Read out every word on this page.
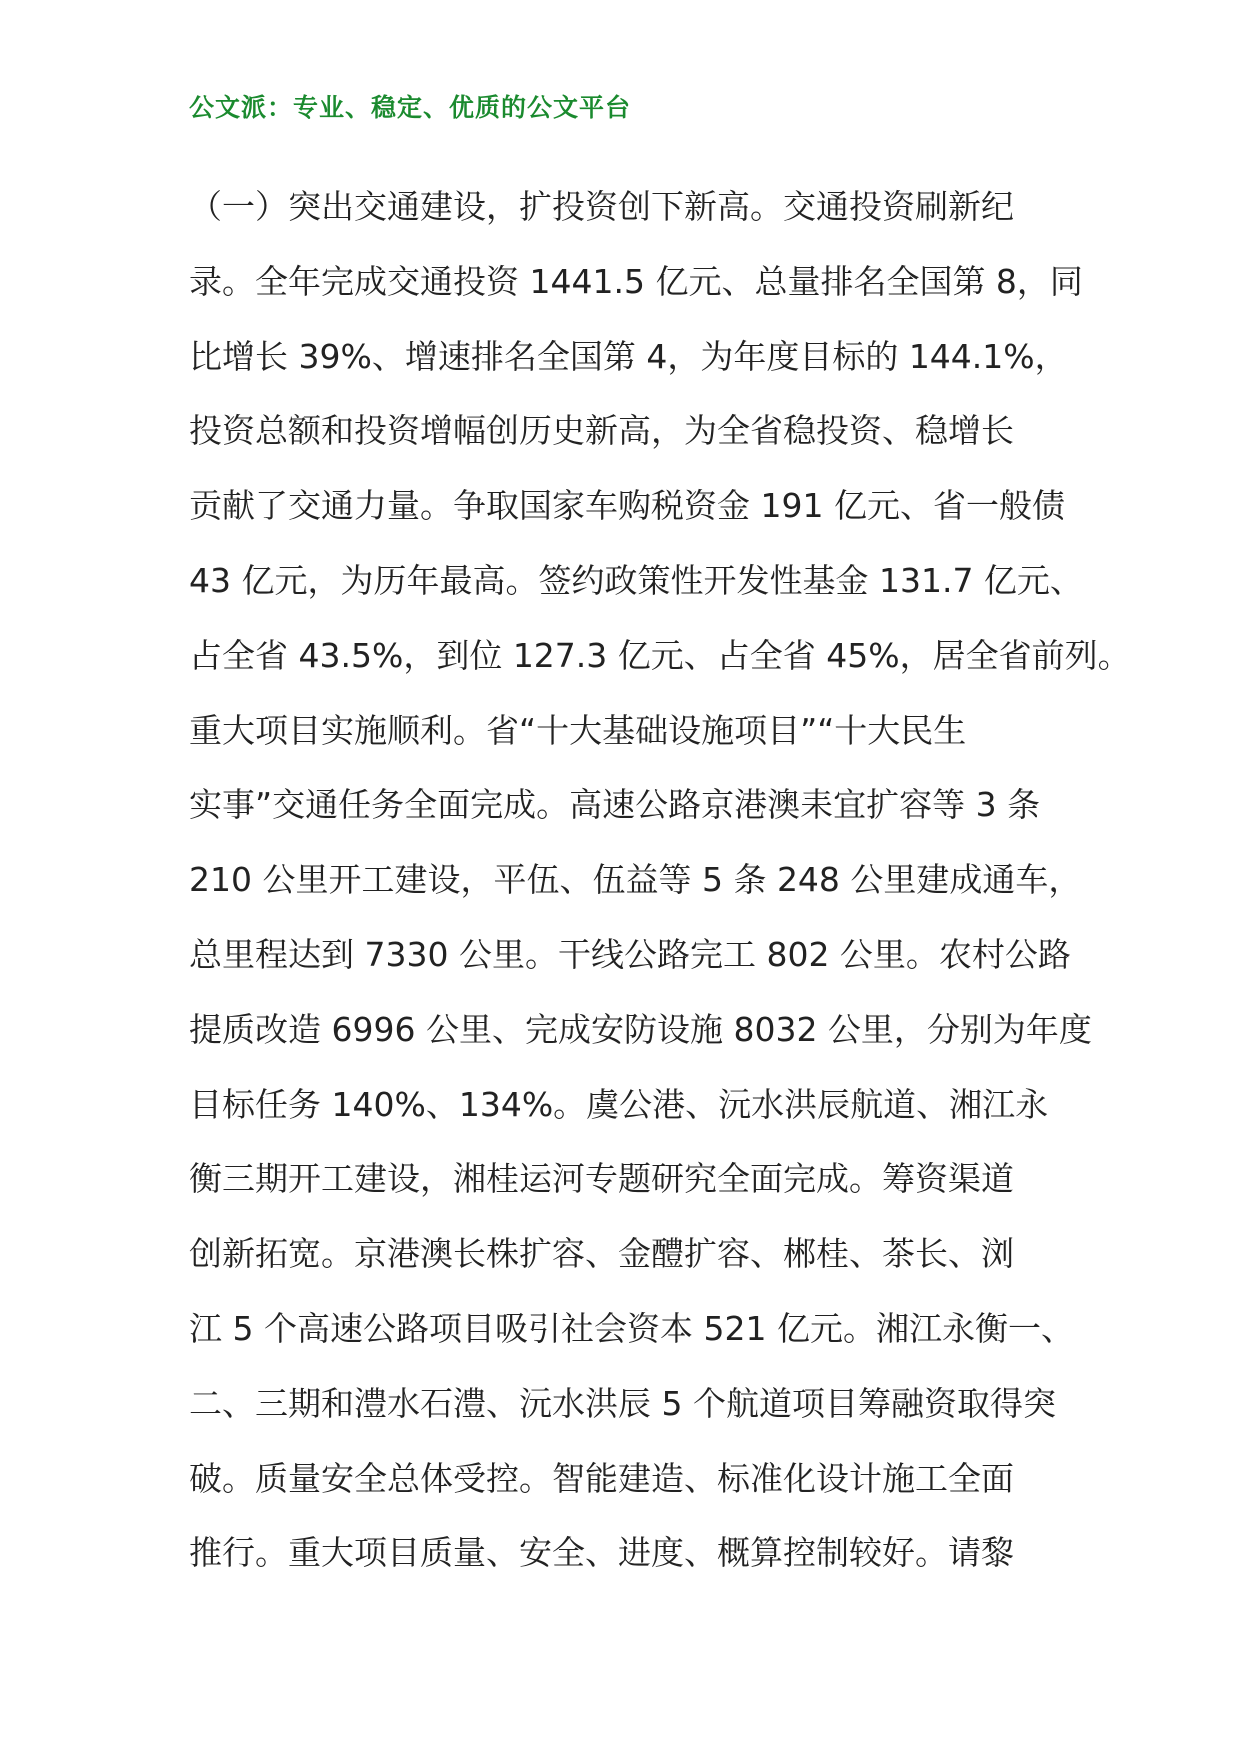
公文派：专业、稳定、优质的公文平台
（一）突出交通建设，扩投资创下新高。交通投资刷新纪
录。全年完成交通投资 1441.5 亿元、总量排名全国第 8，同
比增长 39%、增速排名全国第 4，为年度目标的 144.1%，
投资总额和投资增幅创历史新高，为全省稳投资、稳增长
贡献了交通力量。争取国家车购税资金 191 亿元、省一般债
43 亿元，为历年最高。签约政策性开发性基金 131.7 亿元、
占全省 43.5%，到位 127.3 亿元、占全省 45%，居全省前列。
重大项目实施顺利。省“十大基础设施项目”“十大民生
实事”交通任务全面完成。高速公路京港澳耒宜扩容等 3 条
210 公里开工建设，平伍、伍益等 5 条 248 公里建成通车，
总里程达到 7330 公里。干线公路完工 802 公里。农村公路
提质改造 6996 公里、完成安防设施 8032 公里，分别为年度
目标任务 140%、134%。虞公港、沅水洪辰航道、湘江永
衡三期开工建设，湘桂运河专题研究全面完成。筹资渠道
创新拓宽。京港澳长株扩容、金醴扩容、郴桂、茶长、浏
江 5 个高速公路项目吸引社会资本 521 亿元。湘江永衡一、
二、三期和澧水石澧、沅水洪辰 5 个航道项目筹融资取得突
破。质量安全总体受控。智能建造、标准化设计施工全面
推行。重大项目质量、安全、进度、概算控制较好。请黎
